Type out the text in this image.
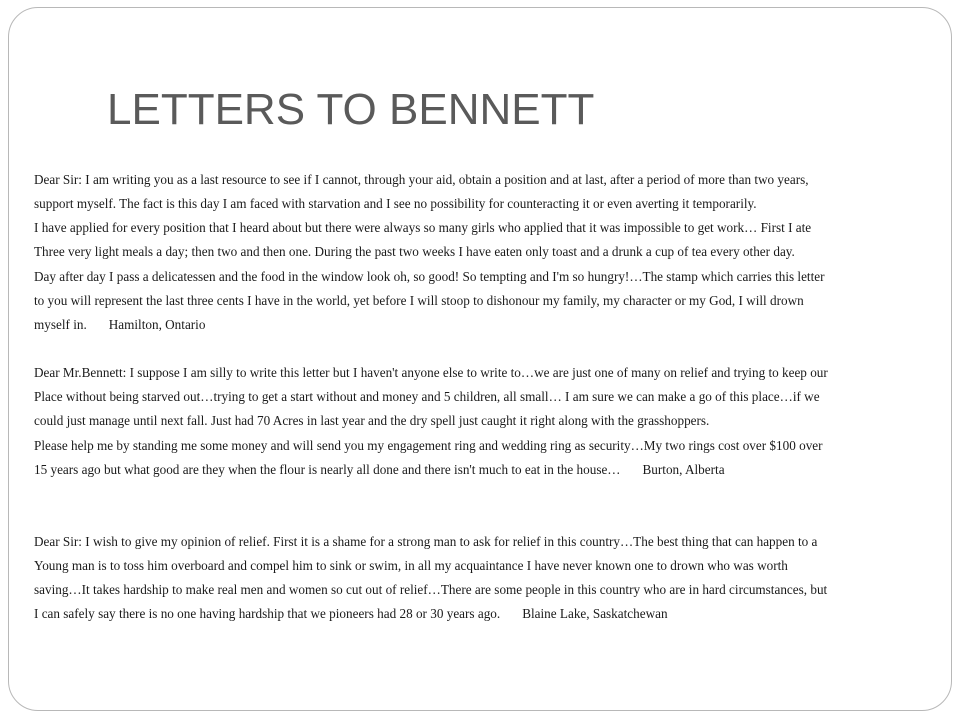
LETTERS TO BENNETT

Dear Sir: I am writing you as a last resource to see if I cannot, through your aid, obtain a position and at last, after a period of more than two years,

support myself. The fact is this day I am faced with starvation and I see no possibility for counteracting it or even averting it temporarily.

I have applied for every position that I heard about but there were always so many girls who applied that it was impossible to get work… First I ate

Three very light meals a day; then two and then one. During the past two weeks I have eaten only toast and a drunk a cup of tea every other day.

Day after day I pass a delicatessen and the food in the window look oh, so good! So tempting and I'm so hungry!…The stamp which carries this letter

to you will represent the last three cents I have in the world, yet before I will stoop to dishonour my family, my character or my God, I will drown

myself in. Hamilton, Ontario

Dear Mr.Bennett: I suppose I am silly to write this letter but I haven't anyone else to write to…we are just one of many on relief and trying to keep our

Place without being starved out…trying to get a start without and money and 5 children, all small… I am sure we can make a go of this place…if we

could just manage until next fall. Just had 70 Acres in last year and the dry spell just caught it right along with the grasshoppers.

Please help me by standing me some money and will send you my engagement ring and wedding ring as security…My two rings cost over $100 over

15 years ago but what good are they when the flour is nearly all done and there isn't much to eat in the house… Burton, Alberta

Dear Sir: I wish to give my opinion of relief. First it is a shame for a strong man to ask for relief in this country…The best thing that can happen to a

Young man is to toss him overboard and compel him to sink or swim, in all my acquaintance I have never known one to drown who was worth

saving…It takes hardship to make real men and women so cut out of relief…There are some people in this country who are in hard circumstances, but

I can safely say there is no one having hardship that we pioneers had 28 or 30 years ago. Blaine Lake, Saskatchewan
